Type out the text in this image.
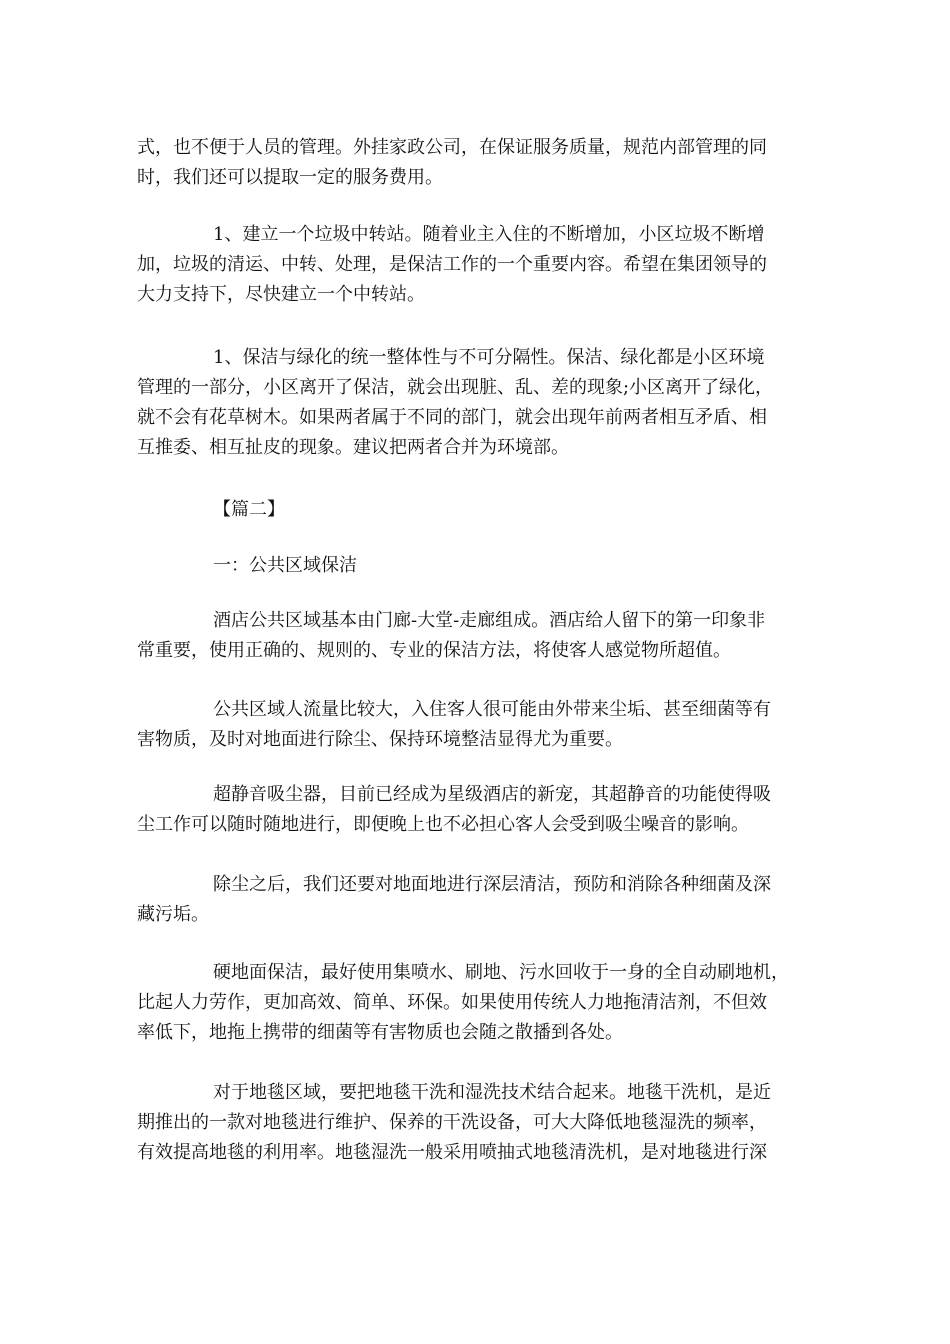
式，也不便于人员的管理。外挂家政公司，在保证服务质量，规范内部管理的同
时，我们还可以提取一定的服务费用。
1、建立一个垃圾中转站。随着业主入住的不断增加，小区垃圾不断增
加，垃圾的清运、中转、处理，是保洁工作的一个重要内容。希望在集团领导的
大力支持下，尽快建立一个中转站。
1、保洁与绿化的统一整体性与不可分隔性。保洁、绿化都是小区环境
管理的一部分，小区离开了保洁，就会出现脏、乱、差的现象;小区离开了绿化，
就不会有花草树木。如果两者属于不同的部门，就会出现年前两者相互矛盾、相
互推委、相互扯皮的现象。建议把两者合并为环境部。
【篇二】
一：公共区域保洁
酒店公共区域基本由门廊-大堂-走廊组成。酒店给人留下的第一印象非
常重要，使用正确的、规则的、专业的保洁方法，将使客人感觉物所超值。
公共区域人流量比较大，入住客人很可能由外带来尘垢、甚至细菌等有
害物质，及时对地面进行除尘、保持环境整洁显得尤为重要。
超静音吸尘器，目前已经成为星级酒店的新宠，其超静音的功能使得吸
尘工作可以随时随地进行，即便晚上也不必担心客人会受到吸尘噪音的影响。
除尘之后，我们还要对地面地进行深层清洁，预防和消除各种细菌及深
藏污垢。
硬地面保洁，最好使用集喷水、刷地、污水回收于一身的全自动刷地机，
比起人力劳作，更加高效、简单、环保。如果使用传统人力地拖清洁剂，不但效
率低下，地拖上携带的细菌等有害物质也会随之散播到各处。
对于地毯区域，要把地毯干洗和湿洗技术结合起来。地毯干洗机，是近
期推出的一款对地毯进行维护、保养的干洗设备，可大大降低地毯湿洗的频率，
有效提高地毯的利用率。地毯湿洗一般采用喷抽式地毯清洗机，是对地毯进行深
